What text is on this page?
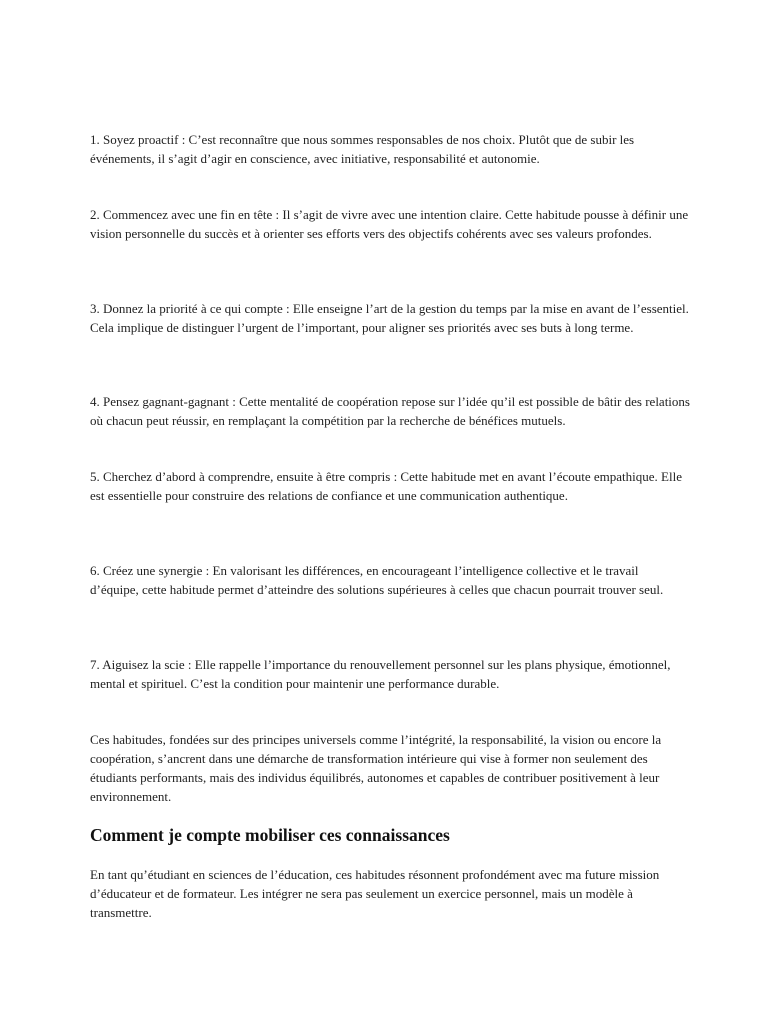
1. Soyez proactif : C’est reconnaître que nous sommes responsables de nos choix. Plutôt que de subir les événements, il s’agit d’agir en conscience, avec initiative, responsabilité et autonomie.

2. Commencez avec une fin en tête : Il s’agit de vivre avec une intention claire. Cette habitude pousse à définir une vision personnelle du succès et à orienter ses efforts vers des objectifs cohérents avec ses valeurs profondes.

3. Donnez la priorité à ce qui compte : Elle enseigne l’art de la gestion du temps par la mise en avant de l’essentiel. Cela implique de distinguer l’urgent de l’important, pour aligner ses priorités avec ses buts à long terme.

4. Pensez gagnant-gagnant : Cette mentalité de coopération repose sur l’idée qu’il est possible de bâtir des relations où chacun peut réussir, en remplaçant la compétition par la recherche de bénéfices mutuels.

5. Cherchez d’abord à comprendre, ensuite à être compris : Cette habitude met en avant l’écoute empathique. Elle est essentielle pour construire des relations de confiance et une communication authentique.

6. Créez une synergie : En valorisant les différences, en encourageant l’intelligence collective et le travail d’équipe, cette habitude permet d’atteindre des solutions supérieures à celles que chacun pourrait trouver seul.

7. Aiguisez la scie : Elle rappelle l’importance du renouvellement personnel sur les plans physique, émotionnel, mental et spirituel. C’est la condition pour maintenir une performance durable.

Ces habitudes, fondées sur des principes universels comme l’intégrité, la responsabilité, la vision ou encore la coopération, s’ancrent dans une démarche de transformation intérieure qui vise à former non seulement des étudiants performants, mais des individus équilibrés, autonomes et capables de contribuer positivement à leur environnement.

Comment je compte mobiliser ces connaissances

En tant qu’étudiant en sciences de l’éducation, ces habitudes résonnent profondément avec ma future mission d’éducateur et de formateur. Les intégrer ne sera pas seulement un exercice personnel, mais un modèle à transmettre.
